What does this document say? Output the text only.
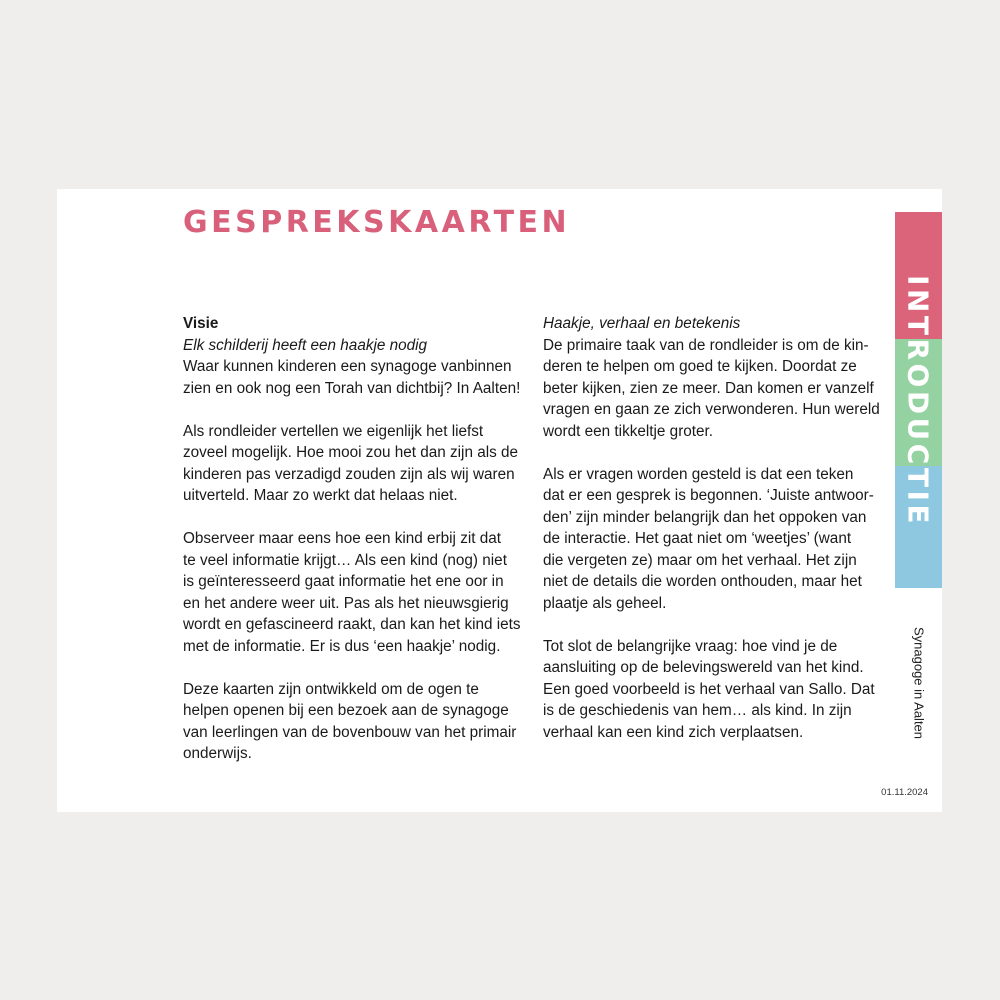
GESPREKSKAARTEN

Visie

Elk schilderij heeft een haakje nodig

Waar kunnen kinderen een synagoge vanbinnen
zien en ook nog een Torah van dichtbij? In Aalten!

Als rondleider vertellen we eigenlijk het liefst
zoveel mogelijk. Hoe mooi zou het dan zijn als de
kinderen pas verzadigd zouden zijn als wij waren
uitverteld. Maar zo werkt dat helaas niet.

Observeer maar eens hoe een kind erbij zit dat
te veel informatie krijgt… Als een kind (nog) niet
is geïnteresseerd gaat informatie het ene oor in
en het andere weer uit. Pas als het nieuwsgierig
wordt en gefascineerd raakt, dan kan het kind iets
met de informatie. Er is dus ‘een haakje’ nodig.

Deze kaarten zijn ontwikkeld om de ogen te
helpen openen bij een bezoek aan de synagoge
van leerlingen van de bovenbouw van het primair
onderwijs.

Haakje, verhaal en betekenis

De primaire taak van de rondleider is om de kin-
deren te helpen om goed te kijken. Doordat ze
beter kijken, zien ze meer. Dan komen er vanzelf
vragen en gaan ze zich verwonderen. Hun wereld
wordt een tikkeltje groter.

Als er vragen worden gesteld is dat een teken
dat er een gesprek is begonnen. ‘Juiste antwoor-
den’ zijn minder belangrijk dan het oppoken van
de interactie. Het gaat niet om ‘weetjes’ (want
die vergeten ze) maar om het verhaal. Het zijn
niet de details die worden onthouden, maar het
plaatje als geheel.

Tot slot de belangrijke vraag: hoe vind je de
aansluiting op de belevingswereld van het kind.
Een goed voorbeeld is het verhaal van Sallo. Dat
is de geschiedenis van hem… als kind. In zijn
verhaal kan een kind zich verplaatsen.

INTRODUCTIE
Synagoge in Aalten
01.11.2024
